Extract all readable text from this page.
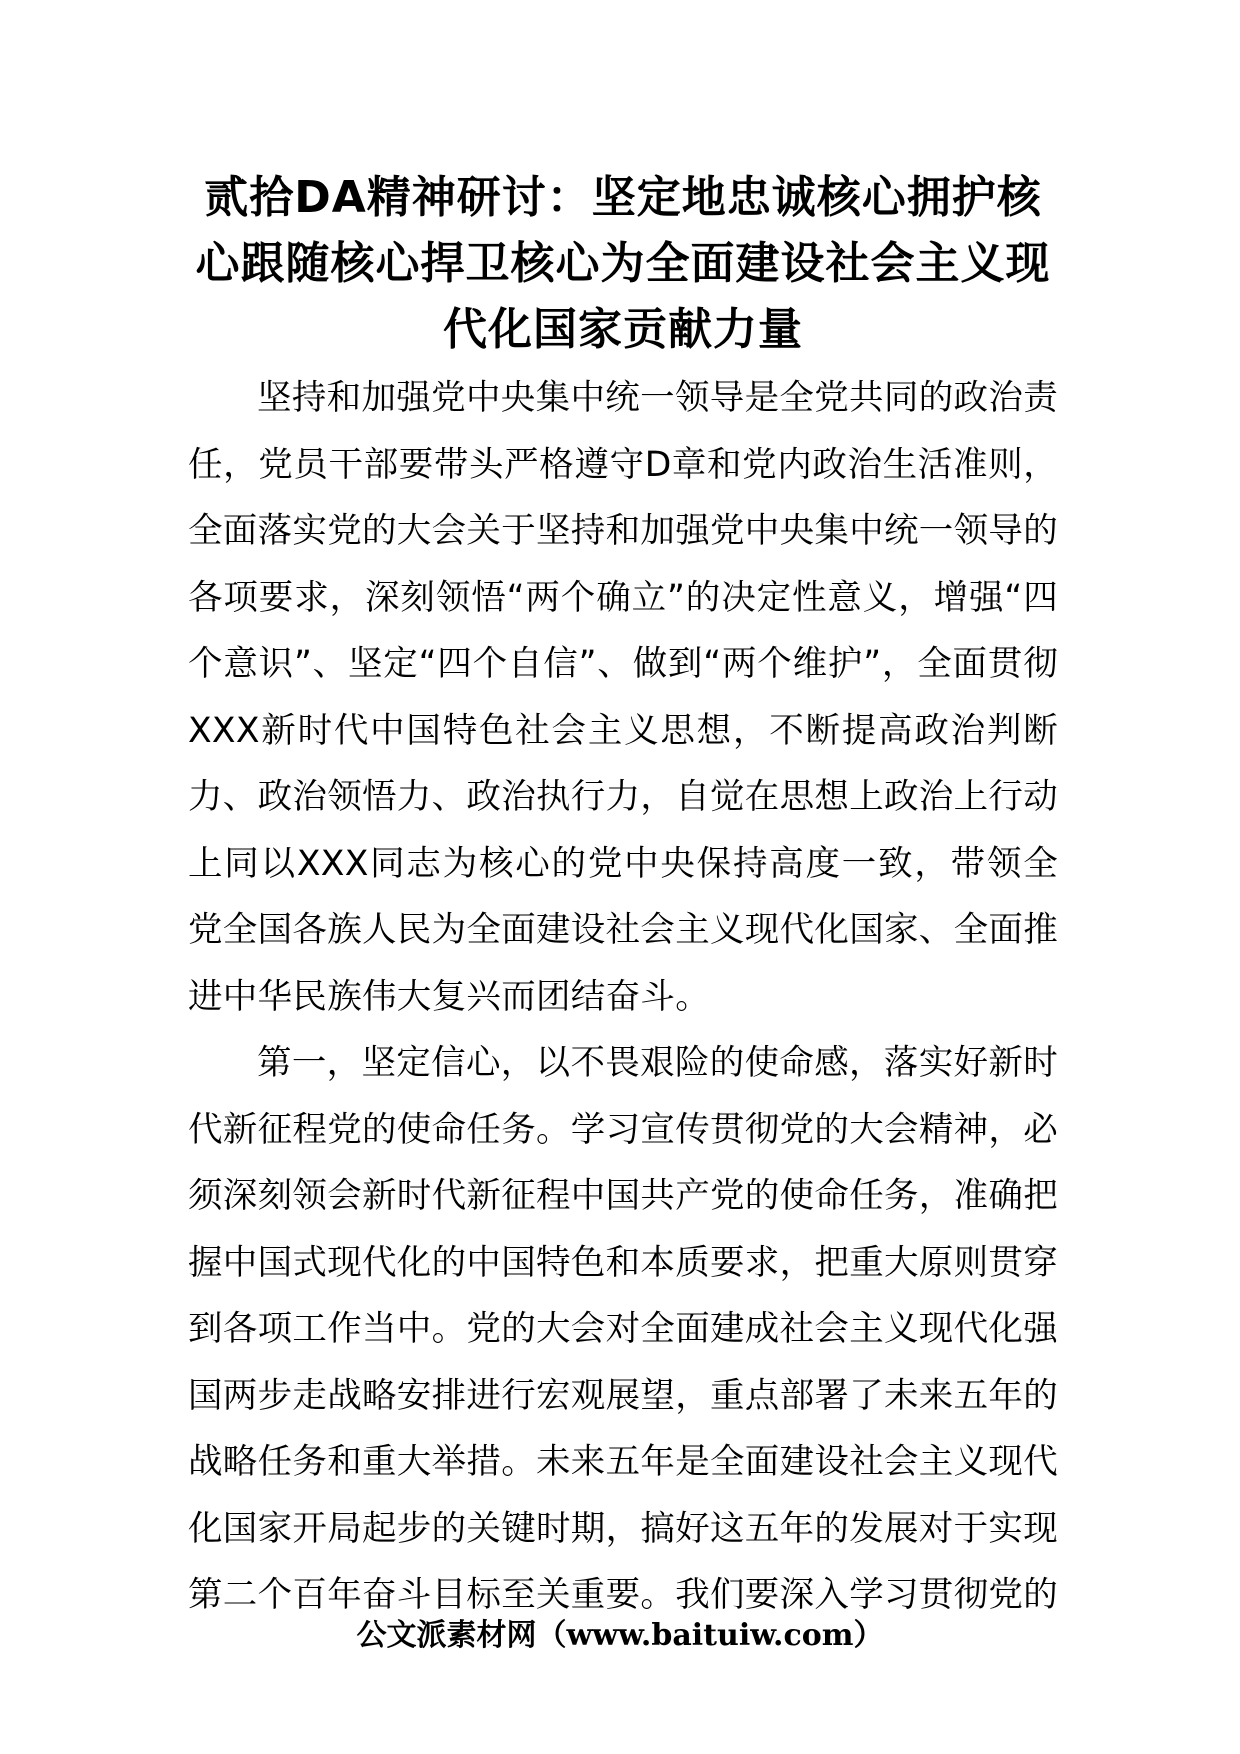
贰拾DA精神研讨：坚定地忠诚核心拥护核心跟随核心捍卫核心为全面建设社会主义现代化国家贡献力量

坚持和加强党中央集中统一领导是全党共同的政治责任，党员干部要带头严格遵守D章和党内政治生活准则，全面落实党的大会关于坚持和加强党中央集中统一领导的各项要求，深刻领悟“两个确立”的决定性意义，增强“四个意识”、坚定“四个自信”、做到“两个维护”，全面贯彻XXX新时代中国特色社会主义思想，不断提高政治判断力、政治领悟力、政治执行力，自觉在思想上政治上行动上同以XXX同志为核心的党中央保持高度一致，带领全党全国各族人民为全面建设社会主义现代化国家、全面推进中华民族伟大复兴而团结奋斗。

第一，坚定信心，以不畏艰险的使命感，落实好新时代新征程党的使命任务。学习宣传贯彻党的大会精神，必须深刻领会新时代新征程中国共产党的使命任务，准确把握中国式现代化的中国特色和本质要求，把重大原则贯穿到各项工作当中。党的大会对全面建成社会主义现代化强国两步走战略安排进行宏观展望，重点部署了未来五年的战略任务和重大举措。未来五年是全面建设社会主义现代化国家开局起步的关键时期，搞好这五年的发展对于实现第二个百年奋斗目标至关重要。我们要深入学习贯彻党的

公文派素材网（www.baituiw.com）
